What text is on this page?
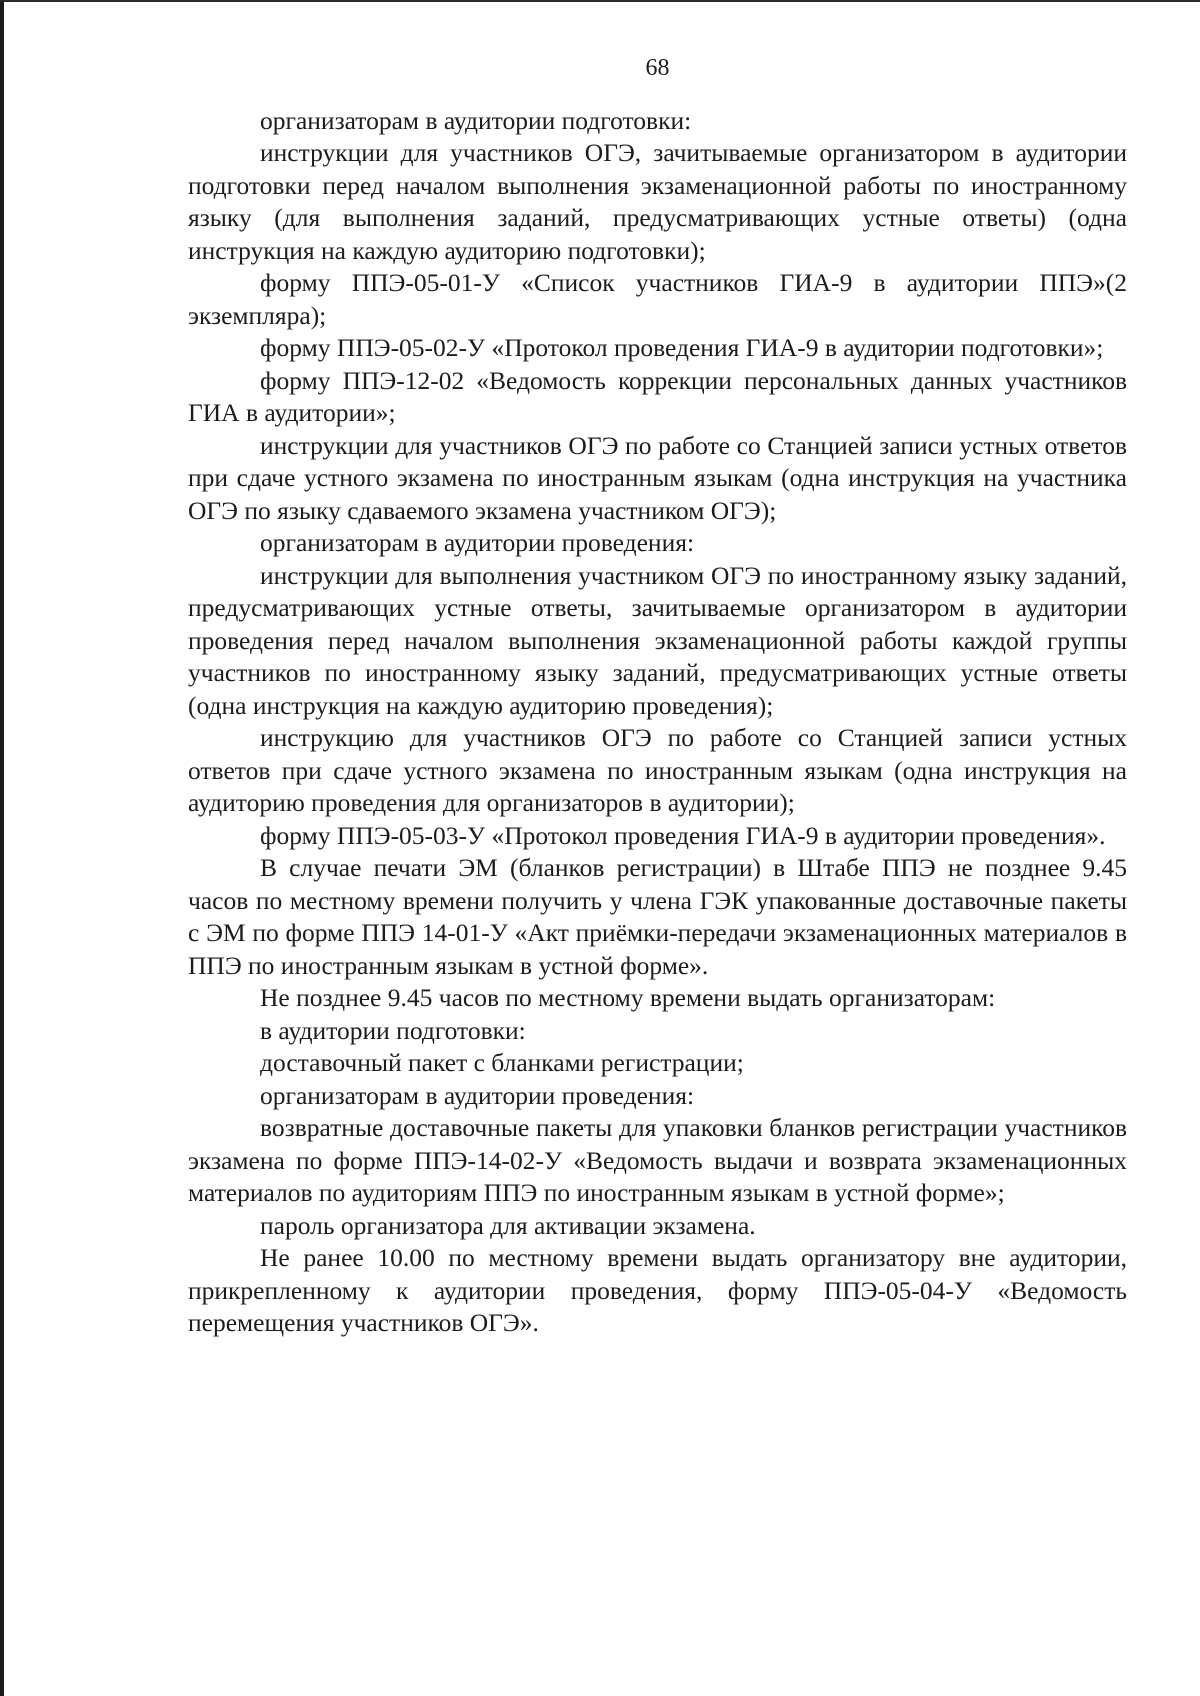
68

организаторам в аудитории подготовки:

инструкции для участников ОГЭ, зачитываемые организатором в аудитории подготовки перед началом выполнения экзаменационной работы по иностранному языку (для выполнения заданий, предусматривающих устные ответы) (одна инструкция на каждую аудиторию подготовки);

форму ППЭ-05-01-У «Список участников ГИА-9 в аудитории ППЭ»(2 экземпляра);

форму ППЭ-05-02-У «Протокол проведения ГИА-9 в аудитории подготовки»;

форму ППЭ-12-02 «Ведомость коррекции персональных данных участников ГИА в аудитории»;

инструкции для участников ОГЭ по работе со Станцией записи устных ответов при сдаче устного экзамена по иностранным языкам (одна инструкция на участника ОГЭ по языку сдаваемого экзамена участником ОГЭ);

организаторам в аудитории проведения:

инструкции для выполнения участником ОГЭ по иностранному языку заданий, предусматривающих устные ответы, зачитываемые организатором в аудитории проведения перед началом выполнения экзаменационной работы каждой группы участников по иностранному языку заданий, предусматривающих устные ответы (одна инструкция на каждую аудиторию проведения);

инструкцию для участников ОГЭ по работе со Станцией записи устных ответов при сдаче устного экзамена по иностранным языкам (одна инструкция на аудиторию проведения для организаторов в аудитории);

форму ППЭ-05-03-У «Протокол проведения ГИА-9 в аудитории проведения».

В случае печати ЭМ (бланков регистрации) в Штабе ППЭ не позднее 9.45 часов по местному времени получить у члена ГЭК упакованные доставочные пакеты с ЭМ по форме ППЭ 14-01-У «Акт приёмки-передачи экзаменационных материалов в ППЭ по иностранным языкам в устной форме».

Не позднее 9.45 часов по местному времени выдать организаторам:

в аудитории подготовки:

доставочный пакет с бланками регистрации;

организаторам в аудитории проведения:

возвратные доставочные пакеты для упаковки бланков регистрации участников экзамена по форме ППЭ-14-02-У «Ведомость выдачи и возврата экзаменационных материалов по аудиториям ППЭ по иностранным языкам в устной форме»;

пароль организатора для активации экзамена.

Не ранее 10.00 по местному времени выдать организатору вне аудитории, прикрепленному к аудитории проведения, форму ППЭ-05-04-У «Ведомость перемещения участников ОГЭ».
